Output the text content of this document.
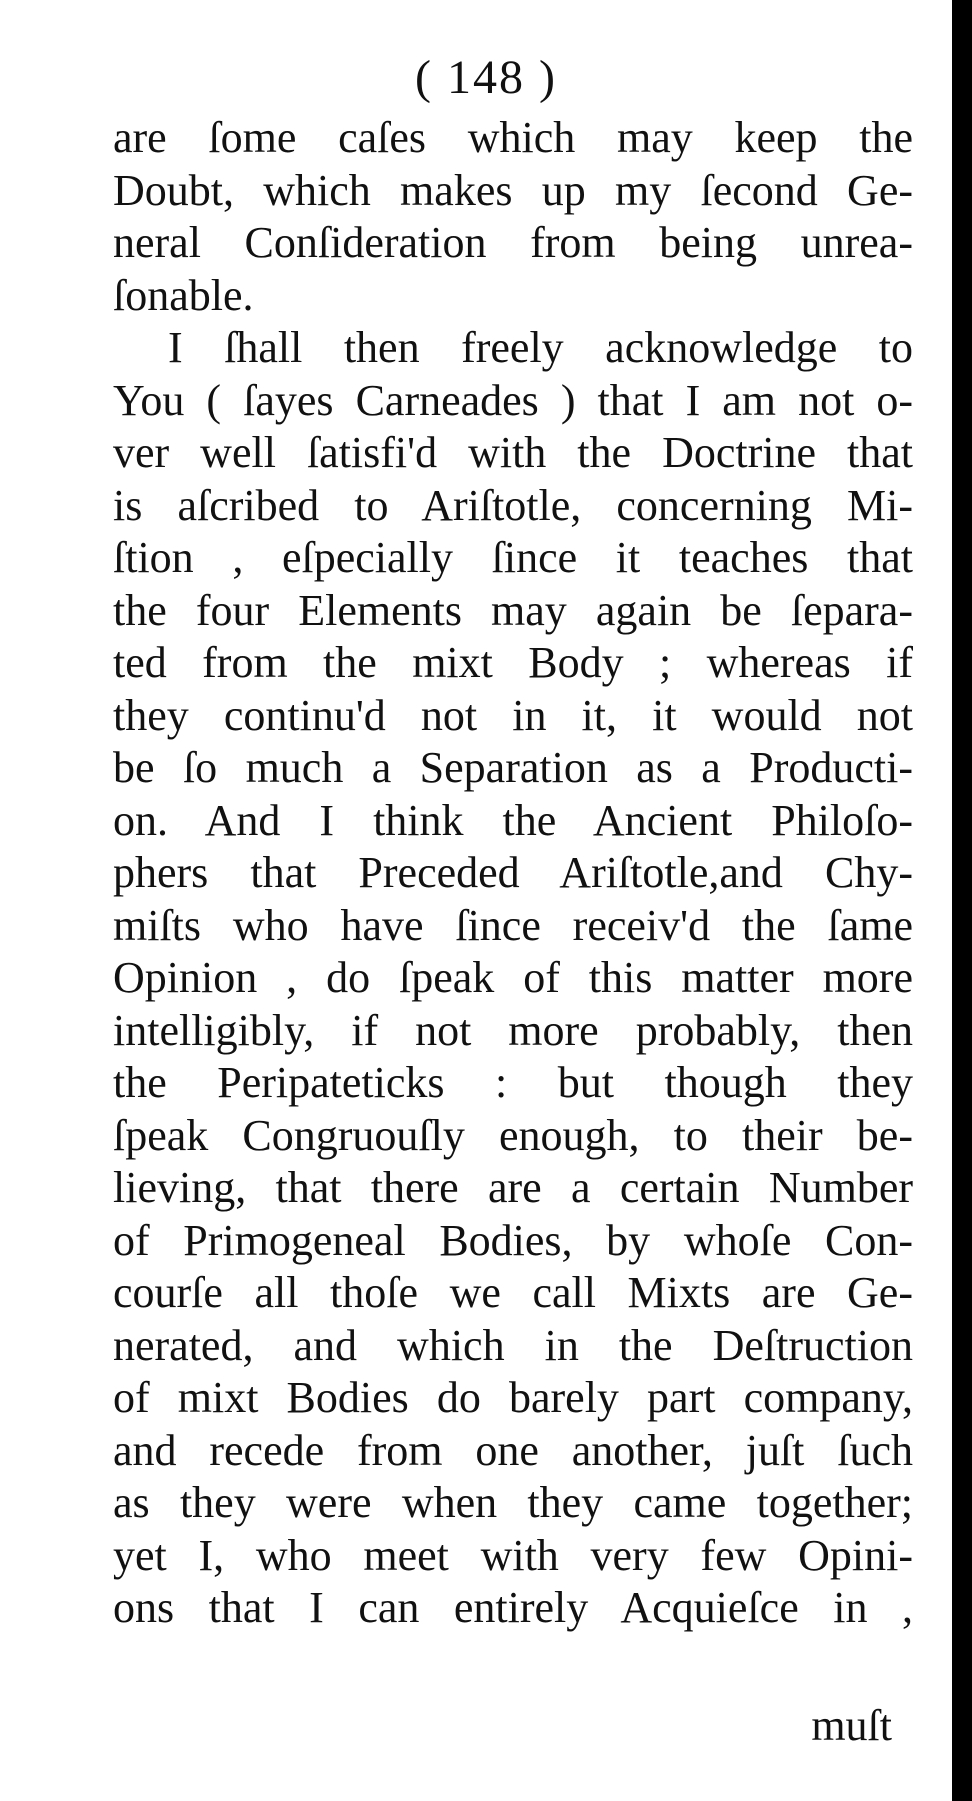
( 148 )
are ſome caſes which may keep the
Doubt, which makes up my ſecond Ge-
neral Conſideration from being unrea-
ſonable.
I ſhall then freely acknowledge to
You ( ſayes Carneades ) that I am not o-
ver well ſatisfi'd with the Doctrine that
is aſcribed to Ariſtotle, concerning Mi-
ſtion , eſpecially ſince it teaches that
the four Elements may again be ſepara-
ted from the mixt Body ; whereas if
they continu'd not in it, it would not
be ſo much a Separation as a Producti-
on. And I think the Ancient Philoſo-
phers that Preceded Ariſtotle,and Chy-
miſts who have ſince receiv'd the ſame
Opinion , do ſpeak of this matter more
intelligibly, if not more probably, then
the Peripateticks : but though they
ſpeak Congruouſly enough, to their be-
lieving, that there are a certain Number
of Primogeneal Bodies, by whoſe Con-
courſe all thoſe we call Mixts are Ge-
nerated, and which in the Deſtruction
of mixt Bodies do barely part company,
and recede from one another, juſt ſuch
as they were when they came together;
yet I, who meet with very few Opini-
ons that I can entirely Acquieſce in ,
muſt
